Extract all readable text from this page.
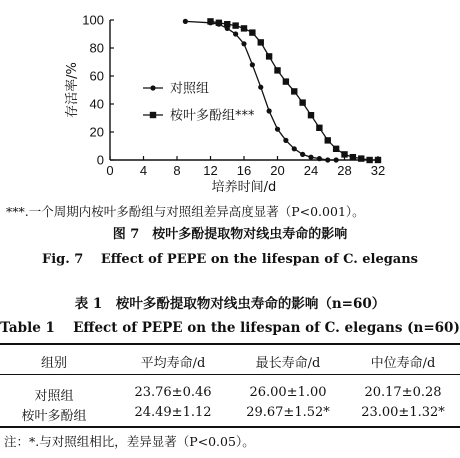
0 4 8 12 16 20 24 28 32
0
20
40
60
80
100
培养时间/d
存活率/%	对照组
桉叶多酚组***
***.一个周期内桉叶多酚组与对照组差异高度显著（P<0.001）。
图 7　桉叶多酚提取物对线虫寿命的影响
Fig. 7　 Effect of PEPE on the lifespan of C. elegans
表 1　桉叶多酚提取物对线虫寿命的影响（n=60）
Table 1　 Effect of PEPE on the lifespan of C. elegans (n=60)
组别	平均寿命/d	最长寿命/d	中位寿命/d
对照组	23.76±0.46	26.00±1.00	20.17±0.28
桉叶多酚组	24.49±1.12	29.67±1.52*	23.00±1.32*
注：*.与对照组相比，差异显著（P<0.05）。
